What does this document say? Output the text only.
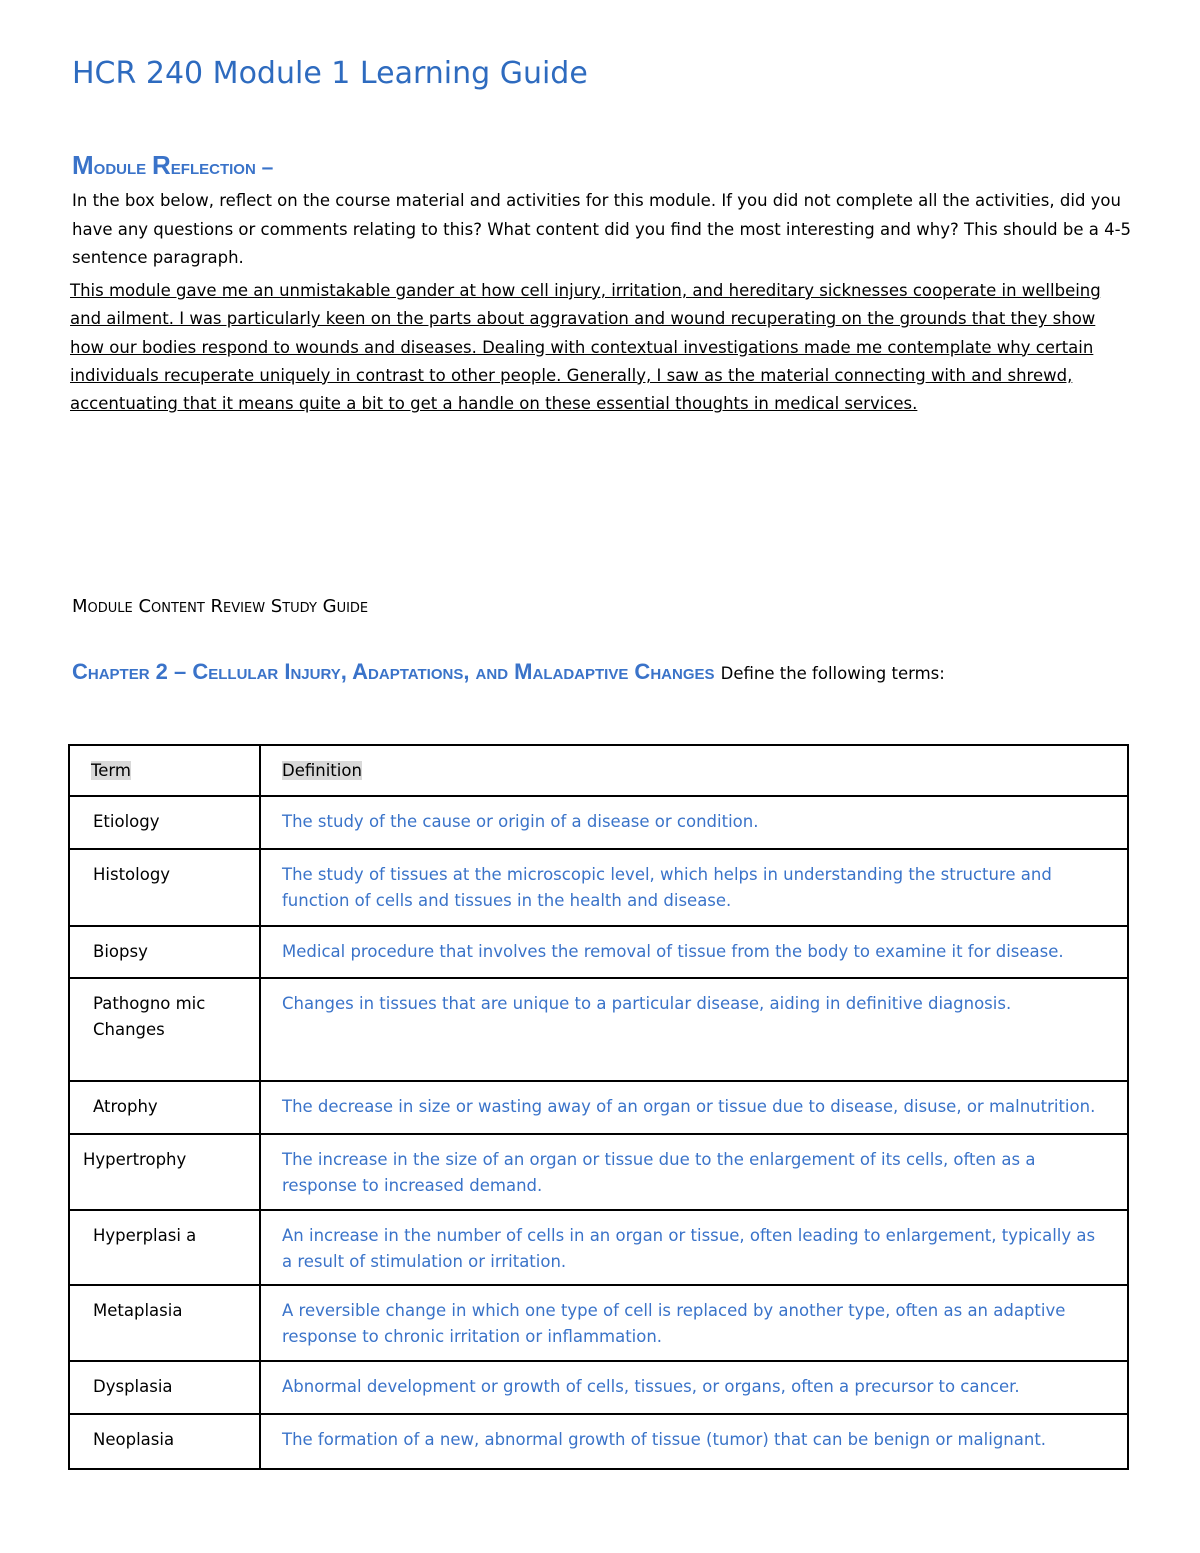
HCR 240 Module 1 Learning Guide
Module Reflection –
In the box below, reflect on the course material and activities for this module. If you did not complete all the activities, did you have any questions or comments relating to this? What content did you find the most interesting and why? This should be a 4-5 sentence paragraph.
This module gave me an unmistakable gander at how cell injury, irritation, and hereditary sicknesses cooperate in wellbeing and ailment. I was particularly keen on the parts about aggravation and wound recuperating on the grounds that they show how our bodies respond to wounds and diseases. Dealing with contextual investigations made me contemplate why certain individuals recuperate uniquely in contrast to other people. Generally, I saw as the material connecting with and shrewd, accentuating that it means quite a bit to get a handle on these essential thoughts in medical services.
Module Content Review Study Guide
Chapter 2 – Cellular Injury, Adaptations, and Maladaptive Changes Define the following terms:
Term	Definition
Etiology	The study of the cause or origin of a disease or condition.
Histology	The study of tissues at the microscopic level, which helps in understanding the structure and function of cells and tissues in the health and disease.
Biopsy	Medical procedure that involves the removal of tissue from the body to examine it for disease.
Pathogno mic Changes	Changes in tissues that are unique to a particular disease, aiding in definitive diagnosis.
Atrophy	The decrease in size or wasting away of an organ or tissue due to disease, disuse, or malnutrition.
Hypertrophy	The increase in the size of an organ or tissue due to the enlargement of its cells, often as a response to increased demand.
Hyperplasi a	An increase in the number of cells in an organ or tissue, often leading to enlargement, typically as a result of stimulation or irritation.
Metaplasia	A reversible change in which one type of cell is replaced by another type, often as an adaptive response to chronic irritation or inflammation.
Dysplasia	Abnormal development or growth of cells, tissues, or organs, often a precursor to cancer.
Neoplasia	The formation of a new, abnormal growth of tissue (tumor) that can be benign or malignant.
